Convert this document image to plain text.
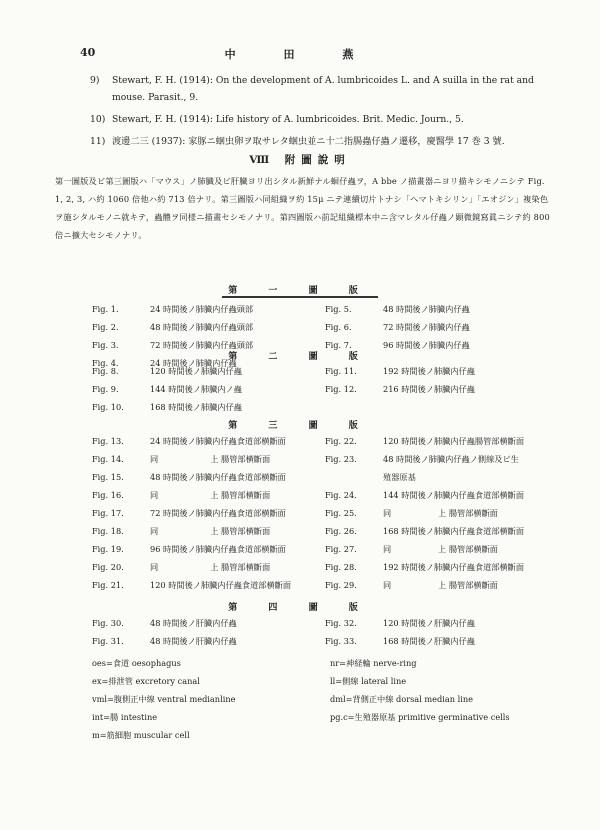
40	中 田 燕
9)	Stewart, F. H. (1914): On the development of A. lumbricoides L. and A suilla in the rat and mouse. Parasit., 9.
10) Stewart, F. H. (1914): Life history of A. lumbricoides. Brit. Medic. Journ., 5.
11) 渡邊二三 (1937): 家豚ニ蛔虫卵ヲ取サレタ蛔虫並ニ十二指腸蟲仔蟲ノ遷移，慶醫學 17 巻 3 號.
Ⅷ 附圖說明
第一圖版及ビ第三圖版ハ「マウス」ノ肺臓及ビ肝臓ヨリ出シタル新鮮ナル蛔仔蟲ヲ，A bbe ノ描畫器ニヨリ描キシモノニシテ Fig. 1, 2, 3, ハ約 1060 倍他ハ約 713 倍ナリ。第三圖版ハ同組織ヲ約 15μ ニテ連續切片トナシ「ヘマトキシリン」「エオジン」複染色ヲ施シタルモノニ就キテ，蟲體ヲ同様ニ描畫セシモノナリ。第四圖版ハ前記組織標本中ニ含マレタル仔蟲ノ顕微鏡寫眞ニシテ約 800 倍ニ擴大セシモノナリ。
第 一 圖 版
Fig. 1.	24 時間後ノ肺臓内仔蟲頭部
Fig. 2.	48 時間後ノ肺臓内仔蟲頭部
Fig. 3.	72 時間後ノ肺臓内仔蟲頭部
Fig. 4.	24 時間後ノ肺臓内仔蟲
Fig. 5.	48 時間後ノ肺臓内仔蟲
Fig. 6.	72 時間後ノ肺臓内仔蟲
Fig. 7.	96 時間後ノ肺臓内仔蟲
第 二 圖 版
Fig. 8.	120 時間後ノ肺臓内仔蟲
Fig. 9.	144 時間後ノ肺臓内ノ蟲
Fig. 10.	168 時間後ノ肺臓内仔蟲
Fig. 11.	192 時間後ノ肺臓内仔蟲
Fig. 12.	216 時間後ノ肺臓内仔蟲
第 三 圖 版
Fig. 13.	24 時間後ノ肺臓内仔蟲食道部横斷面
Fig. 14.	同                    上 腸管部横斷面
Fig. 15.	48 時間後ノ肺臓内仔蟲食道部横斷面
Fig. 16.	同                    上 腸管部横斷面
Fig. 17.	72 時間後ノ肺臓内仔蟲食道部横斷面
Fig. 18.	同                    上 腸管部横斷面
Fig. 19.	96 時間後ノ肺臓内仔蟲食道部横斷面
Fig. 20.	同                    上 腸管部横斷面
Fig. 21.	120 時間後ノ肺臓内仔蟲食道部横斷面
Fig. 22.	120 時間後ノ肺臓内仔蟲腸管部横斷面
Fig. 23.	48 時間後ノ肺臓内仔蟲ノ側線及ビ生
殖器原基
Fig. 24.	144 時間後ノ肺臓内仔蟲食道部横斷面
Fig. 25.	同                  上 腸管部横斷面
Fig. 26.	168 時間後ノ肺臓内仔蟲食道部横斷面
Fig. 27.	同                  上 腸管部横斷面
Fig. 28.	192 時間後ノ肺臓内仔蟲食道部横斷面
Fig. 29.	同                  上 腸管部横斷面
第 四 圖 版
Fig. 30.	48 時間後ノ肝臓内仔蟲
Fig. 31.	48 時間後ノ肝臓内仔蟲
Fig. 32.	120 時間後ノ肝臓内仔蟲
Fig. 33.	168 時間後ノ肝臓内仔蟲
oes=食道 oesophagus
ex=排泄管 excretory canal
vml=腹側正中線 ventral medianline
int=腸 intestine
m=筋細胞 muscular cell
nr=神経輪 nerve-ring
ll=側線 lateral line
dml=背側正中線 dorsal median line
pg.c=生殖器原基 primitive germinative cells
